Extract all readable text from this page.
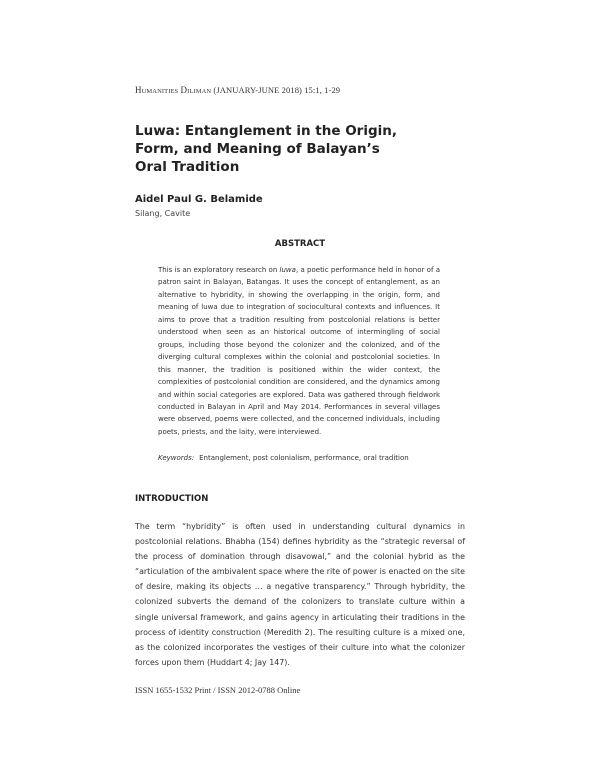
HUMANITIES DILIMAN (JANUARY-JUNE 2018) 15:1, 1-29
Luwa: Entanglement in the Origin, Form, and Meaning of Balayan’s Oral Tradition
Aidel Paul G. Belamide
Silang, Cavite
ABSTRACT

This is an exploratory research on luwa, a poetic performance held in honor of a patron saint in Balayan, Batangas. It uses the concept of entanglement, as an alternative to hybridity, in showing the overlapping in the origin, form, and meaning of luwa due to integration of sociocultural contexts and influences. It aims to prove that a tradition resulting from postcolonial relations is better understood when seen as an historical outcome of intermingling of social groups, including those beyond the colonizer and the colonized, and of the diverging cultural complexes within the colonial and postcolonial societies. In this manner, the tradition is positioned within the wider context, the complexities of postcolonial condition are considered, and the dynamics among and within social categories are explored. Data was gathered through fieldwork conducted in Balayan in April and May 2014. Performances in several villages were observed, poems were collected, and the concerned individuals, including poets, priests, and the laity, were interviewed.

Keywords: Entanglement, post colonialism, performance, oral tradition
INTRODUCTION

The term “hybridity” is often used in understanding cultural dynamics in postcolonial relations. Bhabha (154) defines hybridity as the “strategic reversal of the process of domination through disavowal,” and the colonial hybrid as the “articulation of the ambivalent space where the rite of power is enacted on the site of desire, making its objects … a negative transparency.” Through hybridity, the colonized subverts the demand of the colonizers to translate culture within a single universal framework, and gains agency in articulating their traditions in the process of identity construction (Meredith 2). The resulting culture is a mixed one, as the colonized incorporates the vestiges of their culture into what the colonizer forces upon them (Huddart 4; Jay 147).

ISSN 1655-1532 Print / ISSN 2012-0788 Online
